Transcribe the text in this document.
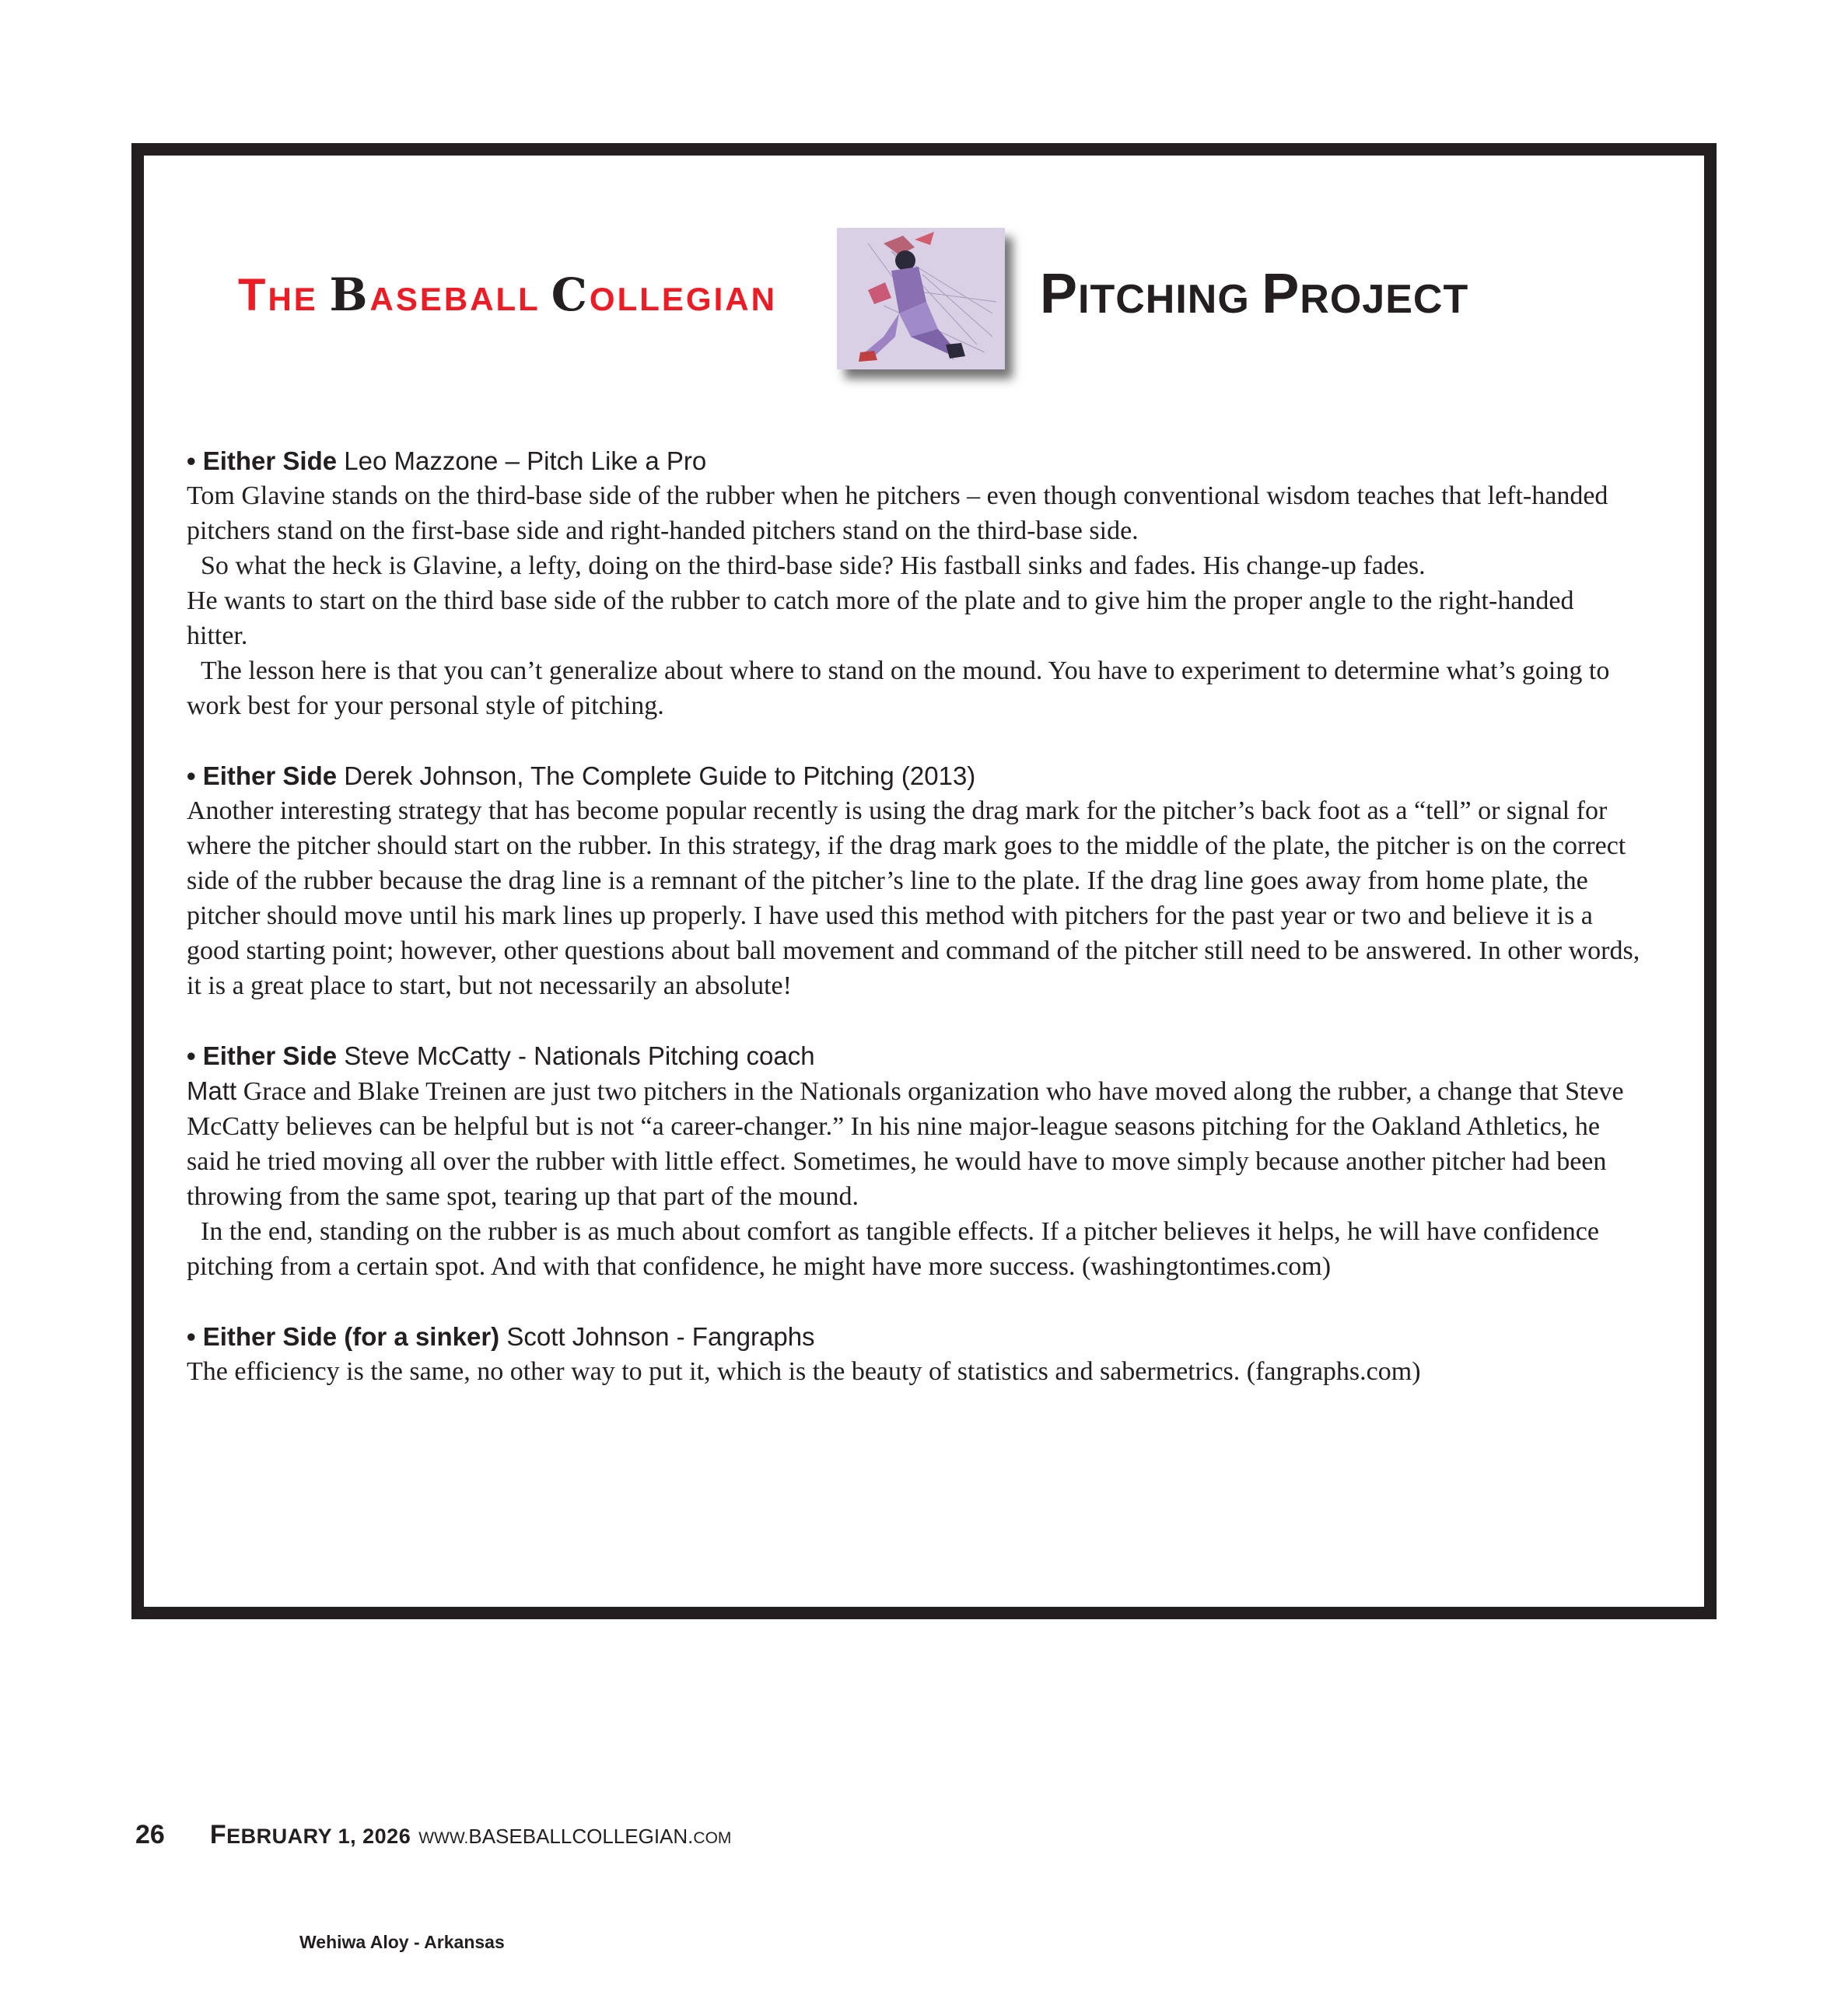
THE BASEBALL COLLEGIAN	PITCHING PROJECT
• Either Side Leo Mazzone – Pitch Like a Pro

Tom Glavine stands on the third-base side of the rubber when he pitchers – even though conventional wisdom teaches that left-handed pitchers stand on the first-base side and right-handed pitchers stand on the third-base side.

So what the heck is Glavine, a lefty, doing on the third-base side? His fastball sinks and fades. His change-up fades.

He wants to start on the third base side of the rubber to catch more of the plate and to give him the proper angle to the right-handed hitter.

The lesson here is that you can’t generalize about where to stand on the mound. You have to experiment to determine what’s going to work best for your personal style of pitching.

• Either Side Derek Johnson, The Complete Guide to Pitching (2013)

Another interesting strategy that has become popular recently is using the drag mark for the pitcher’s back foot as a “tell” or signal for where the pitcher should start on the rubber. In this strategy, if the drag mark goes to the middle of the plate, the pitcher is on the correct side of the rubber because the drag line is a remnant of the pitcher’s line to the plate. If the drag line goes away from home plate, the pitcher should move until his mark lines up properly. I have used this method with pitchers for the past year or two and believe it is a good starting point; however, other questions about ball movement and command of the pitcher still need to be answered. In other words, it is a great place to start, but not necessarily an absolute!

• Either Side Steve McCatty - Nationals Pitching coach

Matt Grace and Blake Treinen are just two pitchers in the Nationals organization who have moved along the rubber, a change that Steve McCatty believes can be helpful but is not “a career-changer.” In his nine major-league seasons pitching for the Oakland Athletics, he said he tried moving all over the rubber with little effect. Sometimes, he would have to move simply because another pitcher had been throwing from the same spot, tearing up that part of the mound.

In the end, standing on the rubber is as much about comfort as tangible effects. If a pitcher believes it helps, he will have confidence pitching from a certain spot. And with that confidence, he might have more success. (washingtontimes.com)

• Either Side (for a sinker) Scott Johnson - Fangraphs

The efficiency is the same, no other way to put it, which is the beauty of statistics and sabermetrics. (fangraphs.com)

26 FEBRUARY 1, 2026 WWW.BASEBALLCOLLEGIAN.COM
Wehiwa Aloy - Arkansas
